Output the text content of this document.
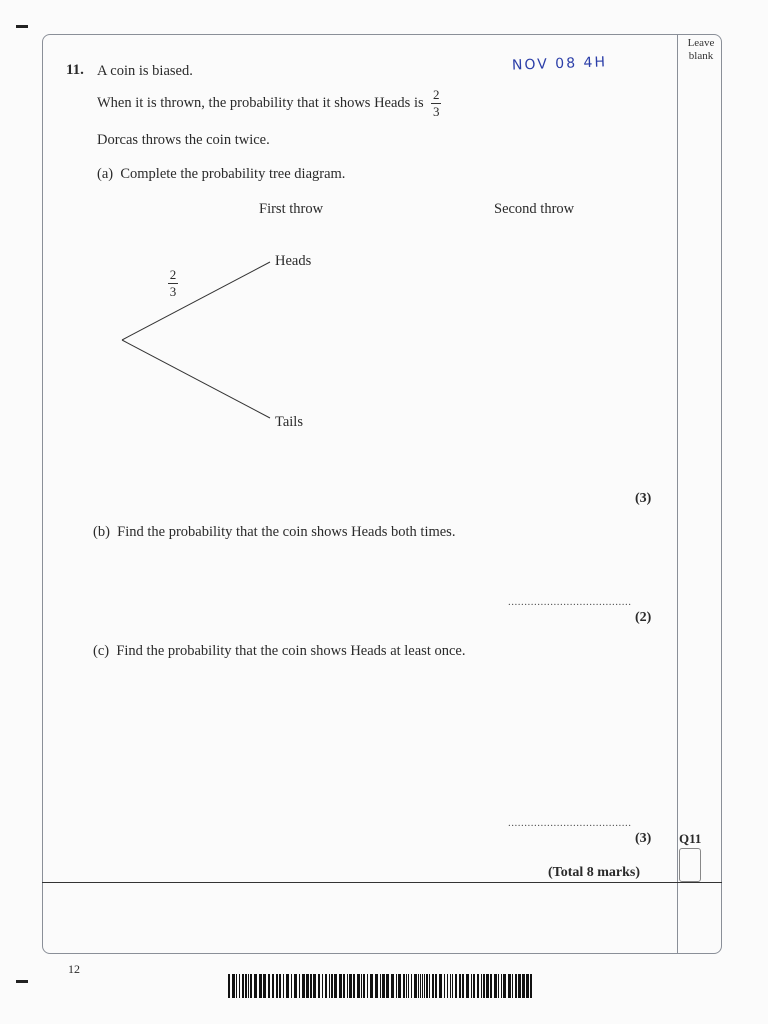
Leave blank
NOV 08 4H
11. A coin is biased.
When it is thrown, the probability that it shows Heads is $\frac{2}{3}$
Dorcas throws the coin twice.
(a)  Complete the probability tree diagram.
First throw	Second throw
Heads
Tails
2
3
(3)
(b)  Find the probability that the coin shows Heads both times.
......................................
(2)
(c)  Find the probability that the coin shows Heads at least once.
......................................
(3)
(Total 8 marks)
Q11
12
